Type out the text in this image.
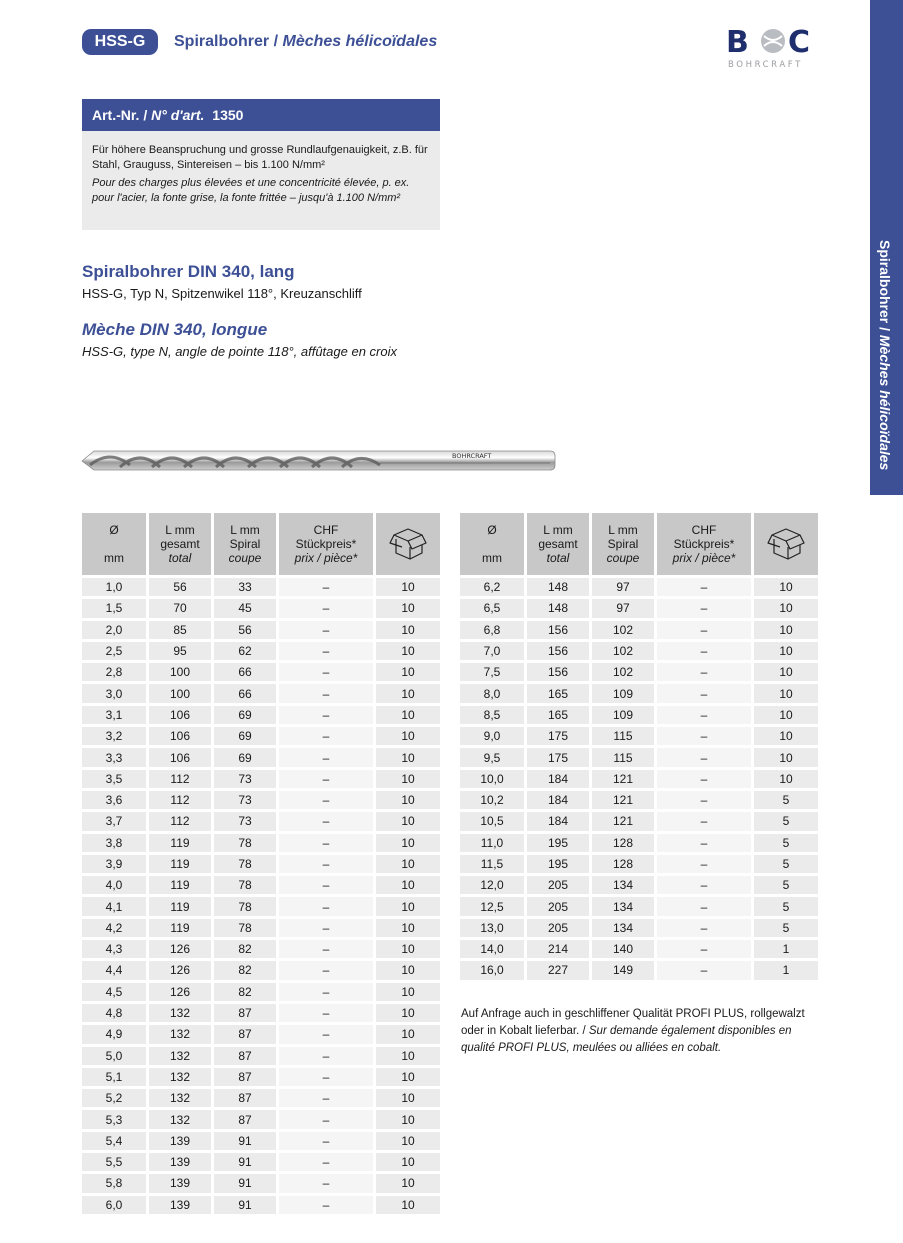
HSS-G	Spiralbohrer / Mèches hélicoïdales	B C
BOHRCRAFT
Spiralbohrer / Mèches hélicoïdales
Art.-Nr. / N° d'art. 1350
Für höhere Beanspruchung und grosse Rundlaufgenauigkeit, z.B. für Stahl, Grauguss, Sintereisen – bis 1.100 N/mm²
Pour des charges plus élevées et une concentricité élevée, p. ex. pour l'acier, la fonte grise, la fonte frittée – jusqu'à 1.100 N/mm²
Spiralbohrer DIN 340, lang
HSS-G, Typ N, Spitzenwikel 118°, Kreuzanschliff
Mèche DIN 340, longue
HSS-G, type N, angle de pointe 118°, affûtage en croix
BOHRCRAFT
Ø

mm	L mm
gesamt
total	L mm
Spiral
coupe	CHF
Stückpreis*
prix / pièce*	
1,0	56	33	–	10
1,5	70	45	–	10
2,0	85	56	–	10
2,5	95	62	–	10
2,8	100	66	–	10
3,0	100	66	–	10
3,1	106	69	–	10
3,2	106	69	–	10
3,3	106	69	–	10
3,5	112	73	–	10
3,6	112	73	–	10
3,7	112	73	–	10
3,8	119	78	–	10
3,9	119	78	–	10
4,0	119	78	–	10
4,1	119	78	–	10
4,2	119	78	–	10
4,3	126	82	–	10
4,4	126	82	–	10
4,5	126	82	–	10
4,8	132	87	–	10
4,9	132	87	–	10
5,0	132	87	–	10
5,1	132	87	–	10
5,2	132	87	–	10
5,3	132	87	–	10
5,4	139	91	–	10
5,5	139	91	–	10
5,8	139	91	–	10
6,0	139	91	–	10
Ø

mm	L mm
gesamt
total	L mm
Spiral
coupe	CHF
Stückpreis*
prix / pièce*	
6,2	148	97	–	10
6,5	148	97	–	10
6,8	156	102	–	10
7,0	156	102	–	10
7,5	156	102	–	10
8,0	165	109	–	10
8,5	165	109	–	10
9,0	175	115	–	10
9,5	175	115	–	10
10,0	184	121	–	10
10,2	184	121	–	5
10,5	184	121	–	5
11,0	195	128	–	5
11,5	195	128	–	5
12,0	205	134	–	5
12,5	205	134	–	5
13,0	205	134	–	5
14,0	214	140	–	1
16,0	227	149	–	1
Auf Anfrage auch in geschliffener Qualität PROFI PLUS, rollgewalzt oder in Kobalt lieferbar. / Sur demande également disponibles en qualité PROFI PLUS, meulées ou alliées en cobalt.
